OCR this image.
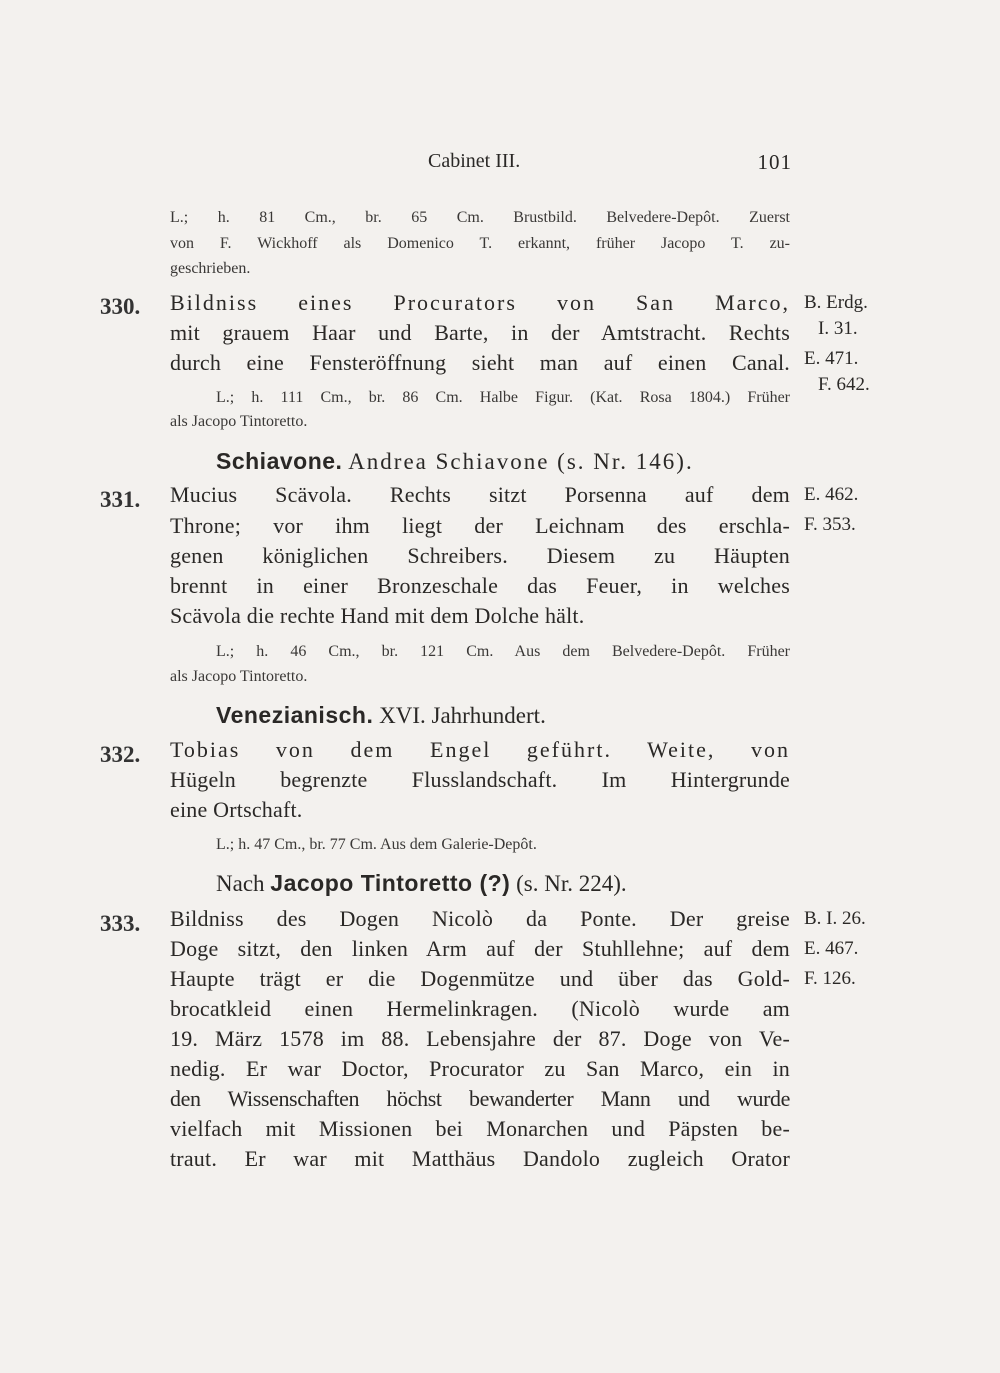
Cabinet III.	101
L.; h. 81 Cm., br. 65 Cm. Brustbild. Belvedere-Depôt. Zuerst
von F. Wickhoff als Domenico T. erkannt, früher Jacopo T. zu-
geschrieben.
330. Bildniss eines Procurators von San Marco,
mit grauem Haar und Barte, in der Amtstracht. Rechts
durch eine Fensteröffnung sieht man auf einen Canal.
L.; h. 111 Cm., br. 86 Cm. Halbe Figur. (Kat. Rosa 1804.) Früher
als Jacopo Tintoretto.
B. Erdg.
I. 31.
E. 471.
F. 642.
Schiavone. Andrea Schiavone (s. Nr. 146).
331. Mucius Scävola. Rechts sitzt Porsenna auf dem
Throne; vor ihm liegt der Leichnam des erschla-
genen königlichen Schreibers. Diesem zu Häupten
brennt in einer Bronzeschale das Feuer, in welches
Scävola die rechte Hand mit dem Dolche hält.
L.; h. 46 Cm., br. 121 Cm. Aus dem Belvedere-Depôt. Früher
als Jacopo Tintoretto.
E. 462.
F. 353.
Venezianisch. XVI. Jahrhundert.
332. Tobias von dem Engel geführt. Weite, von
Hügeln begrenzte Flusslandschaft. Im Hintergrunde
eine Ortschaft.
L.; h. 47 Cm., br. 77 Cm. Aus dem Galerie-Depôt.
Nach Jacopo Tintoretto (?) (s. Nr. 224).
333. Bildniss des Dogen Nicolò da Ponte. Der greise
Doge sitzt, den linken Arm auf der Stuhllehne; auf dem
Haupte trägt er die Dogenmütze und über das Gold-
brocatkleid einen Hermelinkragen. (Nicolò wurde am
19. März 1578 im 88. Lebensjahre der 87. Doge von Ve-
nedig. Er war Doctor, Procurator zu San Marco, ein in
den Wissenschaften höchst bewanderter Mann und wurde
vielfach mit Missionen bei Monarchen und Päpsten be-
traut. Er war mit Matthäus Dandolo zugleich Orator
B. I. 26.
E. 467.
F. 126.
